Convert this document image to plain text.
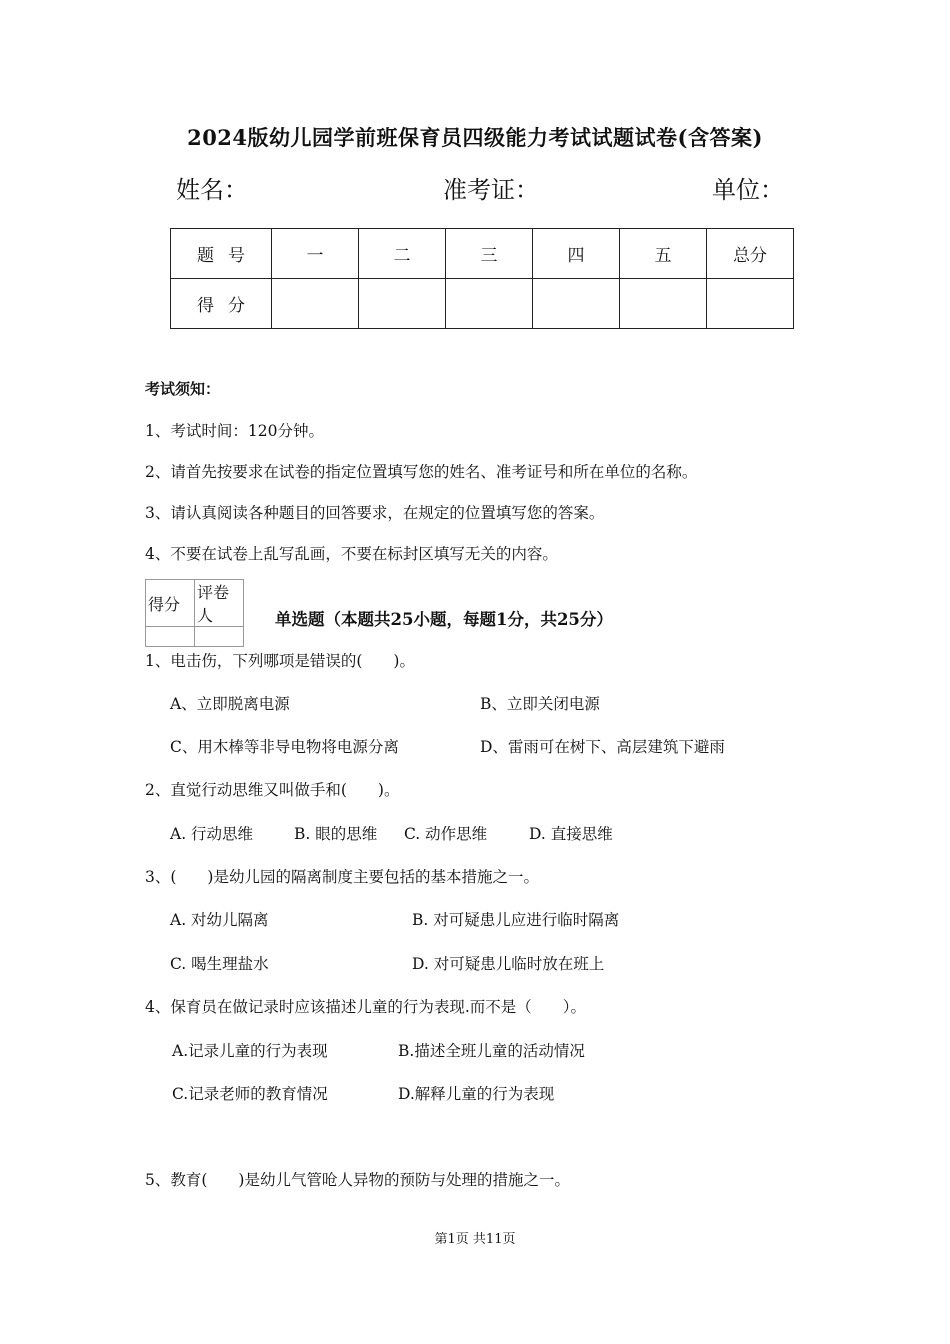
2024版幼儿园学前班保育员四级能力考试试题试卷(含答案)
姓名：	准考证：	单位：
题号	一	二	三	四	五	总分
得分						
考试须知：
1、考试时间：120分钟。
2、请首先按要求在试卷的指定位置填写您的姓名、准考证号和所在单位的名称。
3、请认真阅读各种题目的回答要求，在规定的位置填写您的答案。
4、不要在试卷上乱写乱画，不要在标封区填写无关的内容。
得分	评卷人
		单选题（本题共25小题，每题1分，共25分）
1、电击伤，下列哪项是错误的(　　)。
A、立即脱离电源	B、立即关闭电源
C、用木棒等非导电物将电源分离	D、雷雨可在树下、高层建筑下避雨
2、直觉行动思维又叫做手和(　　)。
A. 行动思维	B. 眼的思维 C. 动作思维	D. 直接思维
3、(　　)是幼儿园的隔离制度主要包括的基本措施之一。
A. 对幼儿隔离	B. 对可疑患儿应进行临时隔离
C. 喝生理盐水	D. 对可疑患儿临时放在班上
4、保育员在做记录时应该描述儿童的行为表现.而不是（　　）。
A.记录儿童的行为表现	B.描述全班儿童的活动情况
C.记录老师的教育情况	D.解释儿童的行为表现
5、教育(　　)是幼儿气管呛人异物的预防与处理的措施之一。
第1页 共11页
